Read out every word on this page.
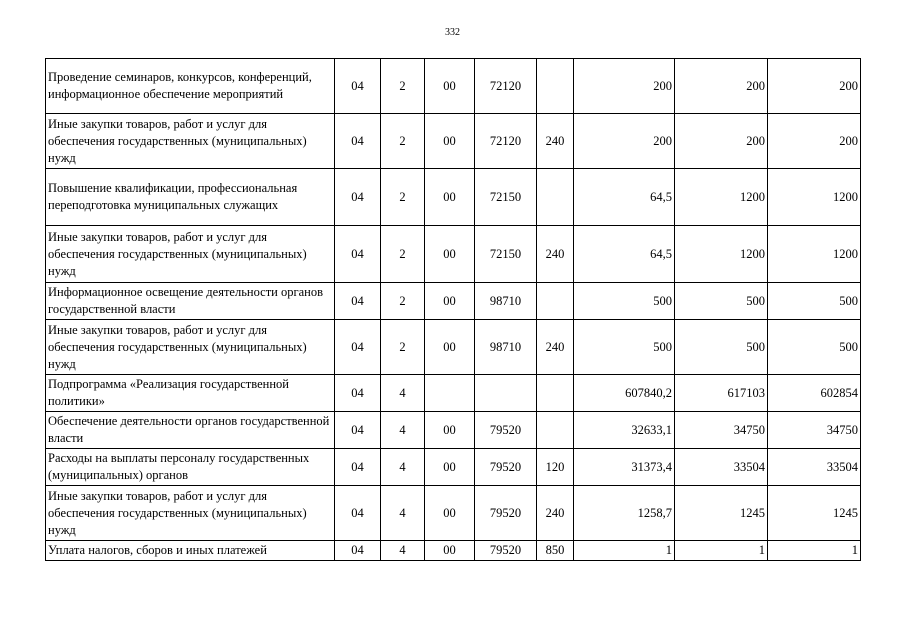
332
Проведение семинаров, конкурсов, конференций, информационное обеспечение мероприятий	04	2	00	72120		200	200	200
Иные закупки товаров, работ и услуг для обеспечения государственных (муниципальных) нужд	04	2	00	72120	240	200	200	200
Повышение квалификации, профессиональная переподготовка муниципальных служащих	04	2	00	72150		64,5	1200	1200
Иные закупки товаров, работ и услуг для обеспечения государственных (муниципальных) нужд	04	2	00	72150	240	64,5	1200	1200
Информационное освещение деятельности органов государственной власти	04	2	00	98710		500	500	500
Иные закупки товаров, работ и услуг для обеспечения государственных (муниципальных) нужд	04	2	00	98710	240	500	500	500
Подпрограмма «Реализация государственной политики»	04	4				607840,2	617103	602854
Обеспечение деятельности органов государственной власти	04	4	00	79520		32633,1	34750	34750
Расходы на выплаты персоналу государственных (муниципальных) органов	04	4	00	79520	120	31373,4	33504	33504
Иные закупки товаров, работ и услуг для обеспечения государственных (муниципальных) нужд	04	4	00	79520	240	1258,7	1245	1245
Уплата налогов, сборов и иных платежей	04	4	00	79520	850	1	1	1
